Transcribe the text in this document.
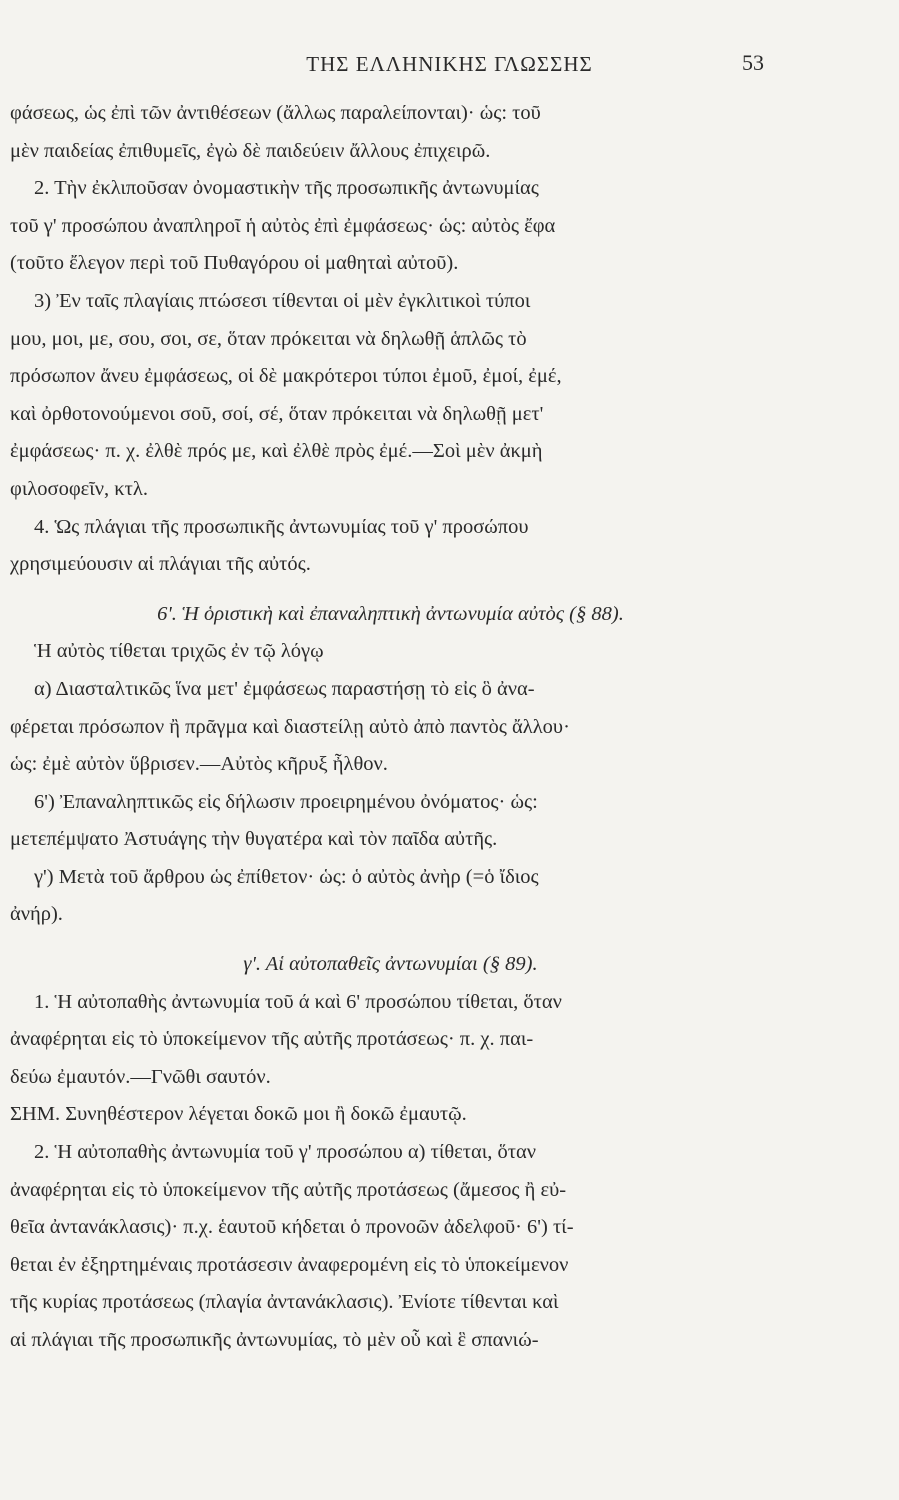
ΤΗΣ ΕΛΛΗΝΙΚΗΣ ΓΛΩΣΣΗΣ	53
φάσεως, ὡς ἐπὶ τῶν ἀντιθέσεων (ἄλλως παραλείπονται)· ὡς: τοῦ
μὲν παιδείας ἐπιθυμεῖς, ἐγὼ δὲ παιδεύειν ἄλλους ἐπιχειρῶ.
2. Τὴν ἐκλιποῦσαν ὀνομαστικὴν τῆς προσωπικῆς ἀντωνυμίας
τοῦ γ' προσώπου ἀναπληροῖ ἡ αὐτὸς ἐπὶ ἐμφάσεως· ὡς: αὐτὸς ἔφα
(τοῦτο ἔλεγον περὶ τοῦ Πυθαγόρου οἱ μαθηταὶ αὐτοῦ).
3) Ἐν ταῖς πλαγίαις πτώσεσι τίθενται οἱ μὲν ἐγκλιτικοὶ τύποι
μου, μοι, με, σου, σοι, σε, ὅταν πρόκειται νὰ δηλωθῇ ἁπλῶς τὸ
πρόσωπον ἄνευ ἐμφάσεως, οἱ δὲ μακρότεροι τύποι ἐμοῦ, ἐμοί, ἐμέ,
καὶ ὀρθοτονούμενοι σοῦ, σοί, σέ, ὅταν πρόκειται νὰ δηλωθῇ μετ'
ἐμφάσεως· π. χ. ἐλθὲ πρός με, καὶ ἐλθὲ πρὸς ἐμέ.—Σοὶ μὲν ἀκμὴ
φιλοσοφεῖν, κτλ.
4. Ὡς πλάγιαι τῆς προσωπικῆς ἀντωνυμίας τοῦ γ' προσώπου
χρησιμεύουσιν αἱ πλάγιαι τῆς αὐτός.
6'. Ἡ ὁριστικὴ καὶ ἐπαναληπτικὴ ἀντωνυμία αὐτὸς (§ 88).
Ἡ αὐτὸς τίθεται τριχῶς ἐν τῷ λόγῳ
α) Διασταλτικῶς ἵνα μετ' ἐμφάσεως παραστήσῃ τὸ εἰς ὃ ἀνα-
φέρεται πρόσωπον ἢ πρᾶγμα καὶ διαστείλῃ αὐτὸ ἀπὸ παντὸς ἄλλου·
ὡς: ἐμὲ αὐτὸν ὕβρισεν.—Αὐτὸς κῆρυξ ἦλθον.
6') Ἐπαναληπτικῶς εἰς δήλωσιν προειρημένου ὀνόματος· ὡς:
μετεπέμψατο Ἀστυάγης τὴν θυγατέρα καὶ τὸν παῖδα αὐτῆς.
γ') Μετὰ τοῦ ἄρθρου ὡς ἐπίθετον· ὡς: ὁ αὐτὸς ἀνὴρ (=ὁ ἴδιος
ἀνήρ).
γ'. Αἱ αὐτοπαθεῖς ἀντωνυμίαι (§ 89).
1. Ἡ αὐτοπαθὴς ἀντωνυμία τοῦ ά καὶ 6' προσώπου τίθεται, ὅταν
ἀναφέρηται εἰς τὸ ὑποκείμενον τῆς αὐτῆς προτάσεως· π. χ. παι-
δεύω ἐμαυτόν.—Γνῶθι σαυτόν.
ΣΗΜ. Συνηθέστερον λέγεται δοκῶ μοι ἢ δοκῶ ἐμαυτῷ.
2. Ἡ αὐτοπαθὴς ἀντωνυμία τοῦ γ' προσώπου α) τίθεται, ὅταν
ἀναφέρηται εἰς τὸ ὑποκείμενον τῆς αὐτῆς προτάσεως (ἄμεσος ἢ εὐ-
θεῖα ἀντανάκλασις)· π.χ. ἑαυτοῦ κήδεται ὁ προνοῶν ἀδελφοῦ· 6') τί-
θεται ἐν ἐξηρτημέναις προτάσεσιν ἀναφερομένη εἰς τὸ ὑποκείμενον
τῆς κυρίας προτάσεως (πλαγία ἀντανάκλασις). Ἐνίοτε τίθενται καὶ
αἱ πλάγιαι τῆς προσωπικῆς ἀντωνυμίας, τὸ μὲν οὗ καὶ ἓ σπανιώ-
